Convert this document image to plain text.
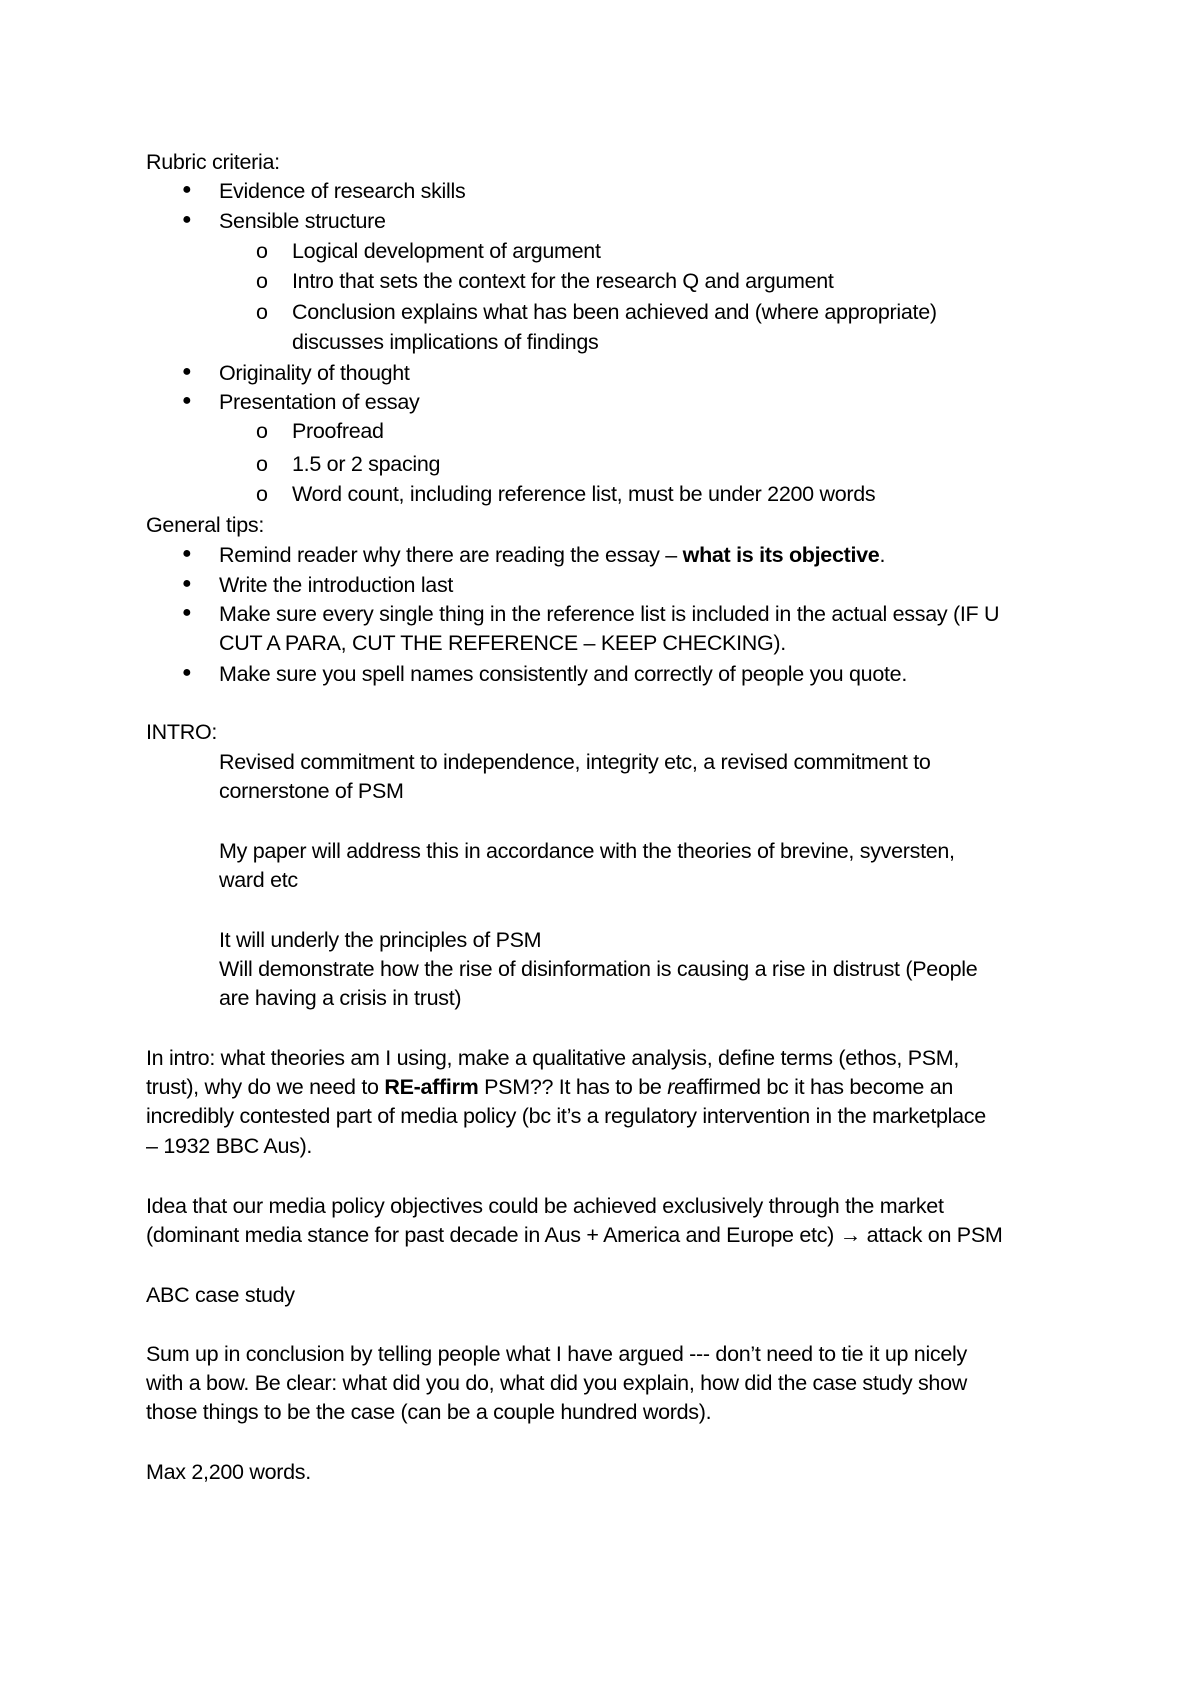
Rubric criteria:
● Evidence of research skills
● Sensible structure
o Logical development of argument
o Intro that sets the context for the research Q and argument
o Conclusion explains what has been achieved and (where appropriate)
discusses implications of findings
● Originality of thought
● Presentation of essay
o Proofread
o 1.5 or 2 spacing
o Word count, including reference list, must be under 2200 words
General tips:
● Remind reader why there are reading the essay – what is its objective.
● Write the introduction last
● Make sure every single thing in the reference list is included in the actual essay (IF U
CUT A PARA, CUT THE REFERENCE – KEEP CHECKING).
● Make sure you spell names consistently and correctly of people you quote.
INTRO:
Revised commitment to independence, integrity etc, a revised commitment to
cornerstone of PSM
My paper will address this in accordance with the theories of brevine, syversten,
ward etc
It will underly the principles of PSM
Will demonstrate how the rise of disinformation is causing a rise in distrust (People
are having a crisis in trust)
In intro: what theories am I using, make a qualitative analysis, define terms (ethos, PSM,
trust), why do we need to RE-affirm PSM?? It has to be reaffirmed bc it has become an
incredibly contested part of media policy (bc it’s a regulatory intervention in the marketplace
– 1932 BBC Aus).
Idea that our media policy objectives could be achieved exclusively through the market
(dominant media stance for past decade in Aus + America and Europe etc) → attack on PSM
ABC case study
Sum up in conclusion by telling people what I have argued --- don’t need to tie it up nicely
with a bow. Be clear: what did you do, what did you explain, how did the case study show
those things to be the case (can be a couple hundred words).
Max 2,200 words.
